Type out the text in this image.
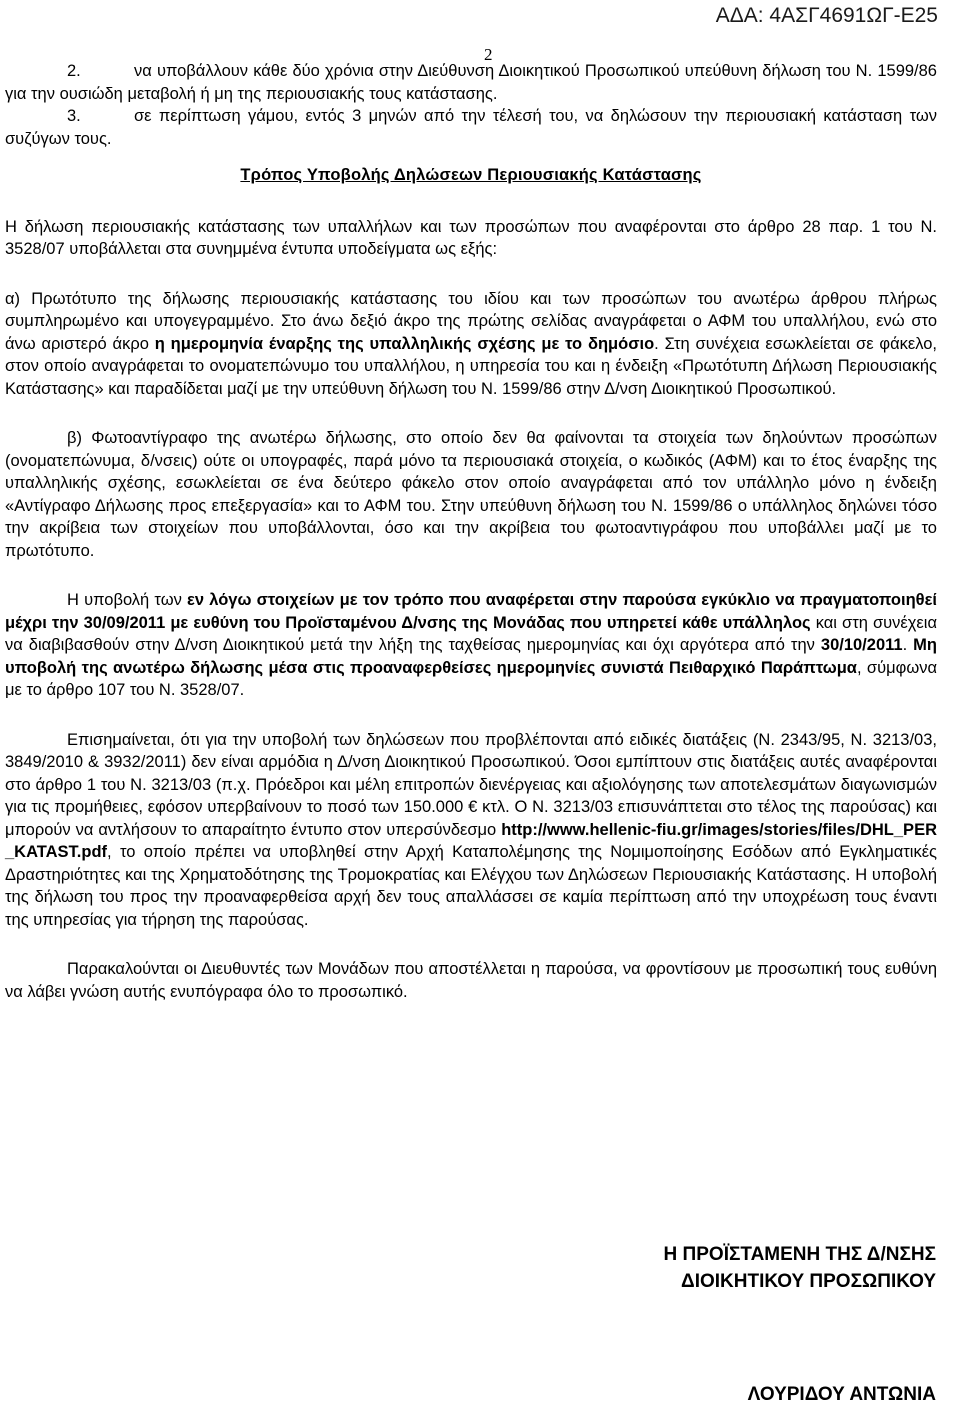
ΑΔΑ: 4ΑΣΓ4691ΩΓ-Ε25
2

2.	να υποβάλλουν κάθε δύο χρόνια στην Διεύθυνση Διοικητικού Προσωπικού υπεύθυνη δήλωση του Ν. 1599/86 για την ουσιώδη μεταβολή ή μη της περιουσιακής τους κατάστασης.

3.	σε περίπτωση γάμου, εντός 3 μηνών από την τέλεσή του, να δηλώσουν την περιουσιακή κατάσταση των συζύγων τους.

Τρόπος Υποβολής Δηλώσεων Περιουσιακής Κατάστασης

Η δήλωση περιουσιακής κατάστασης των υπαλλήλων και των προσώπων που αναφέρονται στο άρθρο 28 παρ. 1 του Ν. 3528/07 υποβάλλεται στα συνημμένα έντυπα υποδείγματα ως εξής:

α) Πρωτότυπο της δήλωσης περιουσιακής κατάστασης του ιδίου και των προσώπων του ανωτέρω άρθρου πλήρως συμπληρωμένο και υπογεγραμμένο. Στο άνω δεξιό άκρο της πρώτης σελίδας αναγράφεται ο ΑΦΜ του υπαλλήλου, ενώ στο άνω αριστερό άκρο η ημερομηνία έναρξης της υπαλληλικής σχέσης με το δημόσιο. Στη συνέχεια εσωκλείεται σε φάκελο, στον οποίο αναγράφεται το ονοματεπώνυμο του υπαλλήλου, η υπηρεσία του και η ένδειξη «Πρωτότυπη Δήλωση Περιουσιακής Κατάστασης» και παραδίδεται μαζί με την υπεύθυνη δήλωση του Ν. 1599/86 στην Δ/νση Διοικητικού Προσωπικού.

β) Φωτοαντίγραφο της ανωτέρω δήλωσης, στο οποίο δεν θα φαίνονται τα στοιχεία των δηλούντων προσώπων (ονοματεπώνυμα, δ/νσεις) ούτε οι υπογραφές, παρά μόνο τα περιουσιακά στοιχεία, ο κωδικός (ΑΦΜ) και το έτος έναρξης της υπαλληλικής σχέσης, εσωκλείεται σε ένα δεύτερο φάκελο στον οποίο αναγράφεται από τον υπάλληλο μόνο η ένδειξη «Αντίγραφο Δήλωσης προς επεξεργασία» και το ΑΦΜ του. Στην υπεύθυνη δήλωση του Ν. 1599/86 ο υπάλληλος δηλώνει τόσο την ακρίβεια των στοιχείων που υποβάλλονται, όσο και την ακρίβεια του φωτοαντιγράφου που υποβάλλει μαζί με το πρωτότυπο.

Η υποβολή των εν λόγω στοιχείων με τον τρόπο που αναφέρεται στην παρούσα εγκύκλιο να πραγματοποιηθεί μέχρι την 30/09/2011 με ευθύνη του Προϊσταμένου Δ/νσης της Μονάδας που υπηρετεί κάθε υπάλληλος και στη συνέχεια να διαβιβασθούν στην Δ/νση Διοικητικού μετά την λήξη της ταχθείσας ημερομηνίας και όχι αργότερα από την 30/10/2011. Μη υποβολή της ανωτέρω δήλωσης μέσα στις προαναφερθείσες ημερομηνίες συνιστά Πειθαρχικό Παράπτωμα, σύμφωνα με το άρθρο 107 του Ν. 3528/07.

Επισημαίνεται, ότι για την υποβολή των δηλώσεων που προβλέπονται από ειδικές διατάξεις (Ν. 2343/95, Ν. 3213/03, 3849/2010 & 3932/2011) δεν είναι αρμόδια η Δ/νση Διοικητικού Προσωπικού. Όσοι εμπίπτουν στις διατάξεις αυτές αναφέρονται στο άρθρο 1 του Ν. 3213/03 (π.χ. Πρόεδροι και μέλη επιτροπών διενέργειας και αξιολόγησης των αποτελεσμάτων διαγωνισμών για τις προμήθειες, εφόσον υπερβαίνουν το ποσό των 150.000 € κτλ. Ο Ν. 3213/03 επισυνάπτεται στο τέλος της παρούσας) και μπορούν να αντλήσουν το απαραίτητο έντυπο στον υπερσύνδεσμο http://www.hellenic-fiu.gr/images/stories/files/DHL_PER_KATAST.pdf, το οποίο πρέπει να υποβληθεί στην Αρχή Καταπολέμησης της Νομιμοποίησης Εσόδων από Εγκληματικές Δραστηριότητες και της Χρηματοδότησης της Τρομοκρατίας και Ελέγχου των Δηλώσεων Περιουσιακής Κατάστασης. Η υποβολή της δήλωση του προς την προαναφερθείσα αρχή δεν τους απαλλάσσει σε καμία περίπτωση από την υποχρέωση τους έναντι της υπηρεσίας για τήρηση της παρούσας.

Παρακαλούνται οι Διευθυντές των Μονάδων που αποστέλλεται η παρούσα, να φροντίσουν με προσωπική τους ευθύνη να λάβει γνώση αυτής ενυπόγραφα όλο το προσωπικό.

Η ΠΡΟΪΣΤΑΜΕΝΗ ΤΗΣ Δ/ΝΣΗΣ
ΔΙΟΙΚΗΤΙΚΟΥ ΠΡΟΣΩΠΙΚΟΥ
ΛΟΥΡΙΔΟΥ ΑΝΤΩΝΙΑ
